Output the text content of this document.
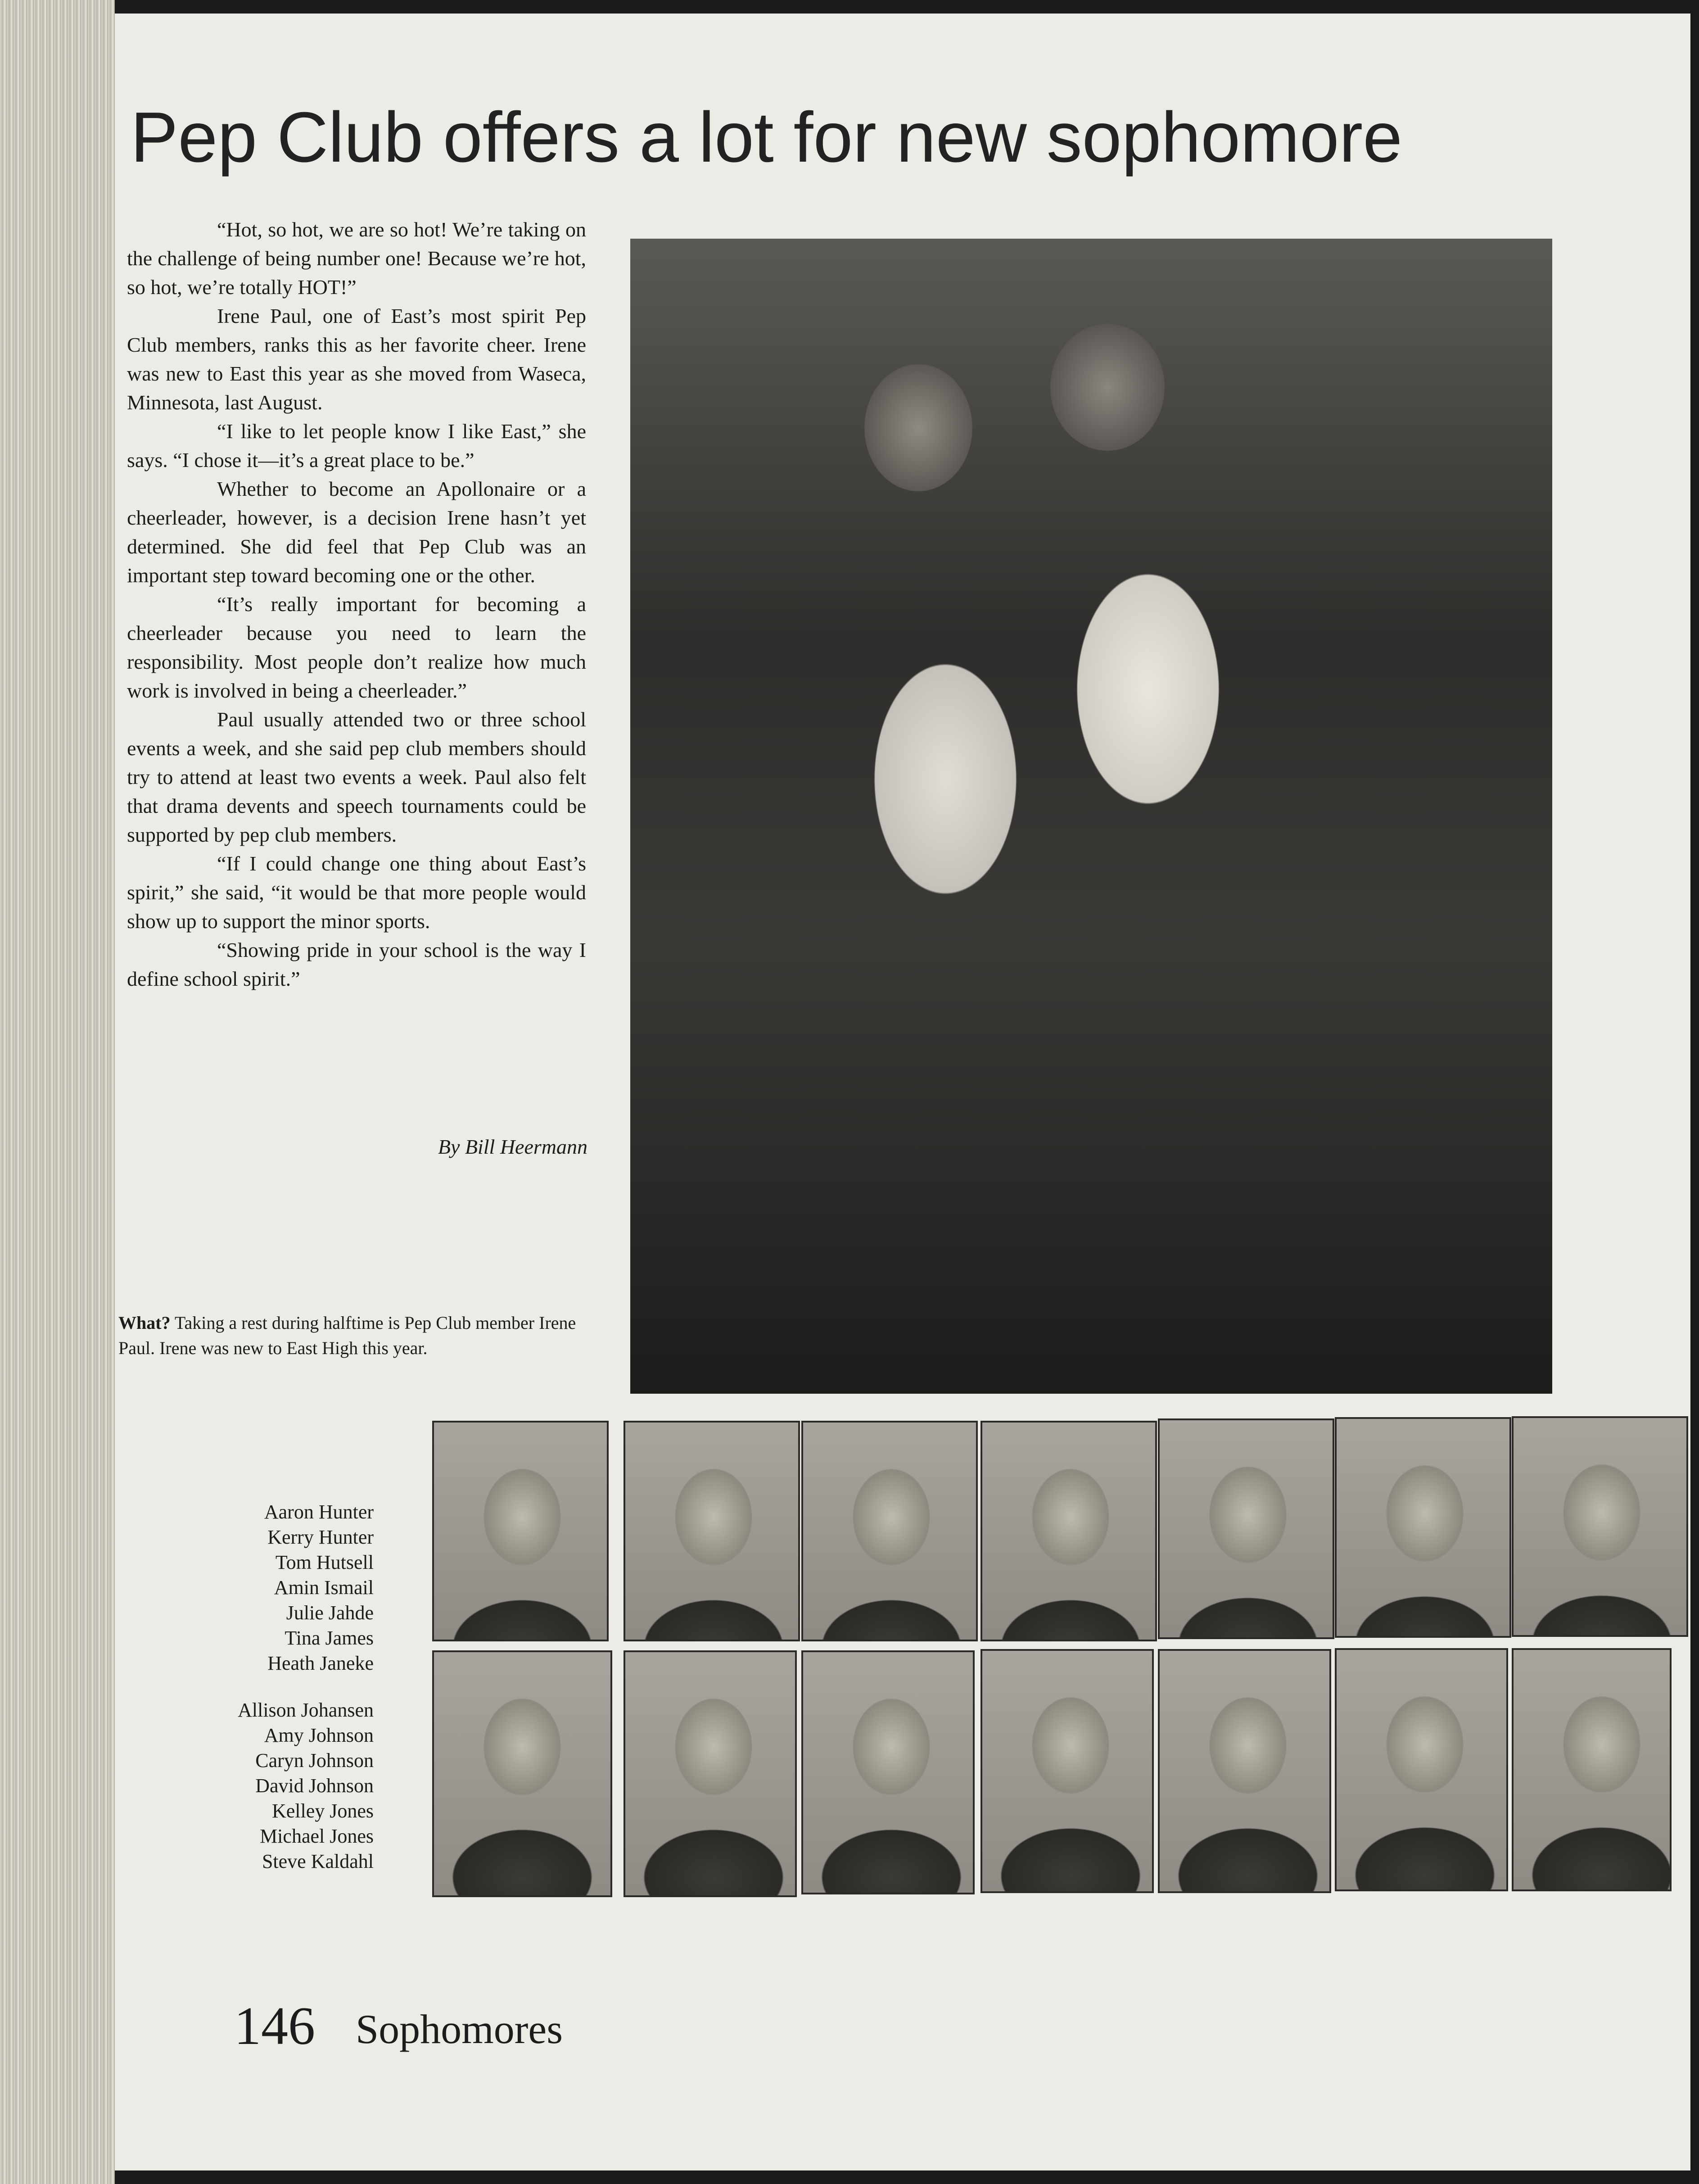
Pep Club offers a lot for new sophomore

“Hot, so hot, we are so hot! We’re taking on the challenge of being number one! Because we’re hot, so hot, we’re totally HOT!”

Irene Paul, one of East’s most spirit Pep Club members, ranks this as her favorite cheer. Irene was new to East this year as she moved from Waseca, Minnesota, last August.

“I like to let people know I like East,” she says. “I chose it—it’s a great place to be.”

Whether to become an Apollonaire or a cheerleader, however, is a decision Irene hasn’t yet determined. She did feel that Pep Club was an important step toward becoming one or the other.

“It’s really important for becoming a cheerleader because you need to learn the responsibility. Most people don’t realize how much work is involved in being a cheerleader.”

Paul usually attended two or three school events a week, and she said pep club members should try to attend at least two events a week. Paul also felt that drama devents and speech tournaments could be supported by pep club members.

“If I could change one thing about East’s spirit,” she said, “it would be that more people would show up to support the minor sports.

“Showing pride in your school is the way I define school spirit.”

By Bill Heermann
What? Taking a rest during halftime is Pep Club member Irene Paul. Irene was new to East High this year.
Aaron Hunter
Kerry Hunter
Tom Hutsell
Amin Ismail
Julie Jahde
Tina James
Heath Janeke
Allison Johansen
Amy Johnson
Caryn Johnson
David Johnson
Kelley Jones
Michael Jones
Steve Kaldahl
146 Sophomores
